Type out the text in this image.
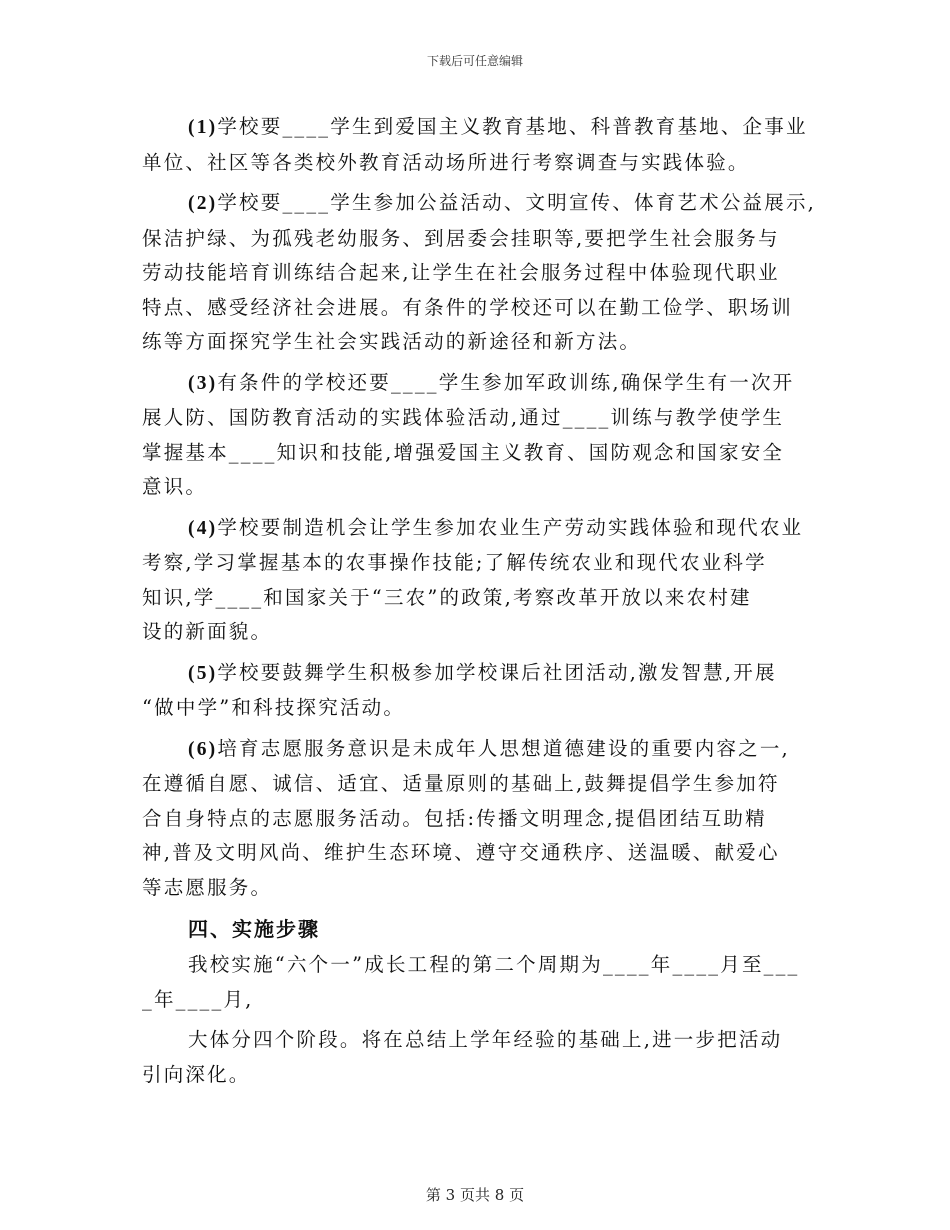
下载后可任意编辑
(1)学校要____学生到爱国主义教育基地、科普教育基地、企事业
单位、社区等各类校外教育活动场所进行考察调查与实践体验。
(2)学校要____学生参加公益活动、文明宣传、体育艺术公益展示,
保洁护绿、为孤残老幼服务、到居委会挂职等,要把学生社会服务与
劳动技能培育训练结合起来,让学生在社会服务过程中体验现代职业
特点、感受经济社会进展。有条件的学校还可以在勤工俭学、职场训
练等方面探究学生社会实践活动的新途径和新方法。
(3)有条件的学校还要____学生参加军政训练,确保学生有一次开
展人防、国防教育活动的实践体验活动,通过____训练与教学使学生
掌握基本____知识和技能,增强爱国主义教育、国防观念和国家安全
意识。
(4)学校要制造机会让学生参加农业生产劳动实践体验和现代农业
考察,学习掌握基本的农事操作技能;了解传统农业和现代农业科学
知识,学____和国家关于“三农”的政策,考察改革开放以来农村建
设的新面貌。
(5)学校要鼓舞学生积极参加学校课后社团活动,激发智慧,开展
“做中学”和科技探究活动。
(6)培育志愿服务意识是未成年人思想道德建设的重要内容之一,
在遵循自愿、诚信、适宜、适量原则的基础上,鼓舞提倡学生参加符
合自身特点的志愿服务活动。包括:传播文明理念,提倡团结互助精
神,普及文明风尚、维护生态环境、遵守交通秩序、送温暖、献爱心
等志愿服务。
四、实施步骤
我校实施“六个一”成长工程的第二个周期为____年____月至___
_年____月,
大体分四个阶段。将在总结上学年经验的基础上,进一步把活动
引向深化。
第 3 页共 8 页
